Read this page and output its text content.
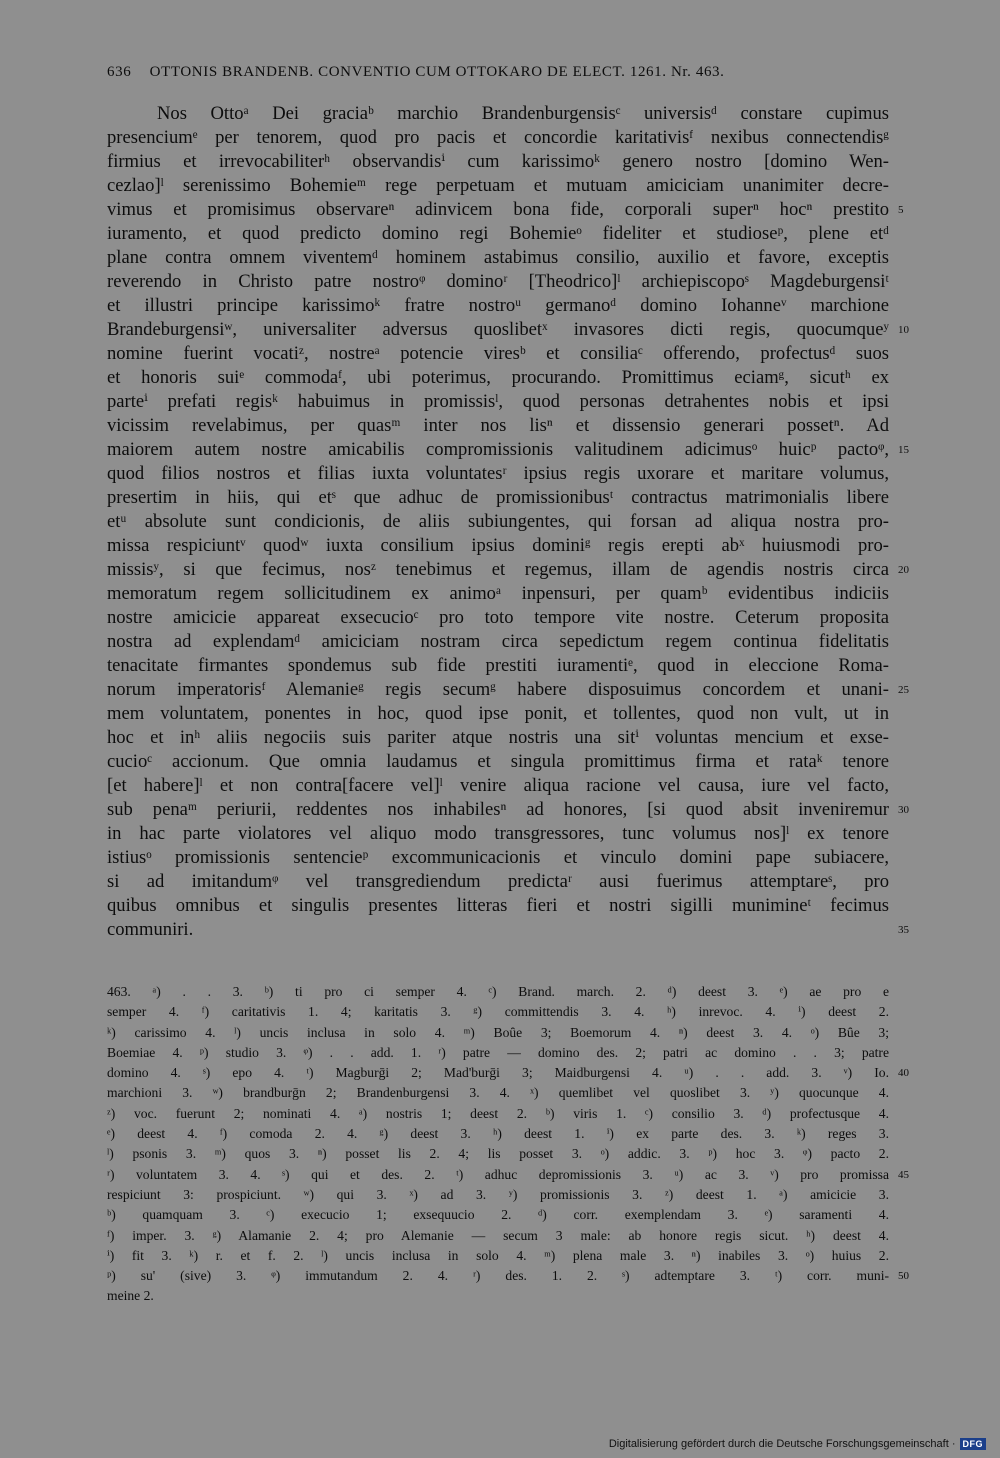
636 OTTONIS BRANDENB. CONVENTIO CUM OTTOKARO DE ELECT. 1261. Nr. 463.
Nos Ottoᵃ Dei graciaᵇ marchio Brandenburgensisᶜ universisᵈ constare cupimus
presenciumᵉ per tenorem, quod pro pacis et concordie karitativisᶠ nexibus connectendisᵍ
firmius et irrevocabiliterʰ observandisⁱ cum karissimoᵏ genero nostro [domino Wen-
cezlao]ˡ serenissimo Bohemieᵐ rege perpetuam et mutuam amiciciam unanimiter decre-
vimus et promisimus observareⁿ adinvicem bona fide, corporali superⁿ hocⁿ prestito
iuramento, et quod predicto domino regi Bohemieᵒ fideliter et studioseᵖ, plene etᵈ
plane contra omnem viventemᵈ hominem astabimus consilio, auxilio et favore, exceptis
reverendo in Christo patre nostroᵠ dominoʳ [Theodrico]ˡ archiepiscopoˢ Magdeburgensiᵗ
et illustri principe karissimoᵏ fratre nostroᵘ germanoᵈ domino Iohanneᵛ marchione
Brandeburgensiʷ, universaliter adversus quoslibetˣ invasores dicti regis, quocumqueʸ
nomine fuerint vocatiᶻ, nostreᵃ potencie viresᵇ et consiliaᶜ offerendo, profectusᵈ suos
et honoris suiᵉ commodaᶠ, ubi poterimus, procurando. Promittimus eciamᵍ, sicutʰ ex
parteⁱ prefati regisᵏ habuimus in promissisˡ, quod personas detrahentes nobis et ipsi
vicissim revelabimus, per quasᵐ inter nos lisⁿ et dissensio generari possetⁿ. Ad
maiorem autem nostre amicabilis compromissionis valitudinem adicimusᵒ huicᵖ pactoᵠ,
quod filios nostros et filias iuxta voluntatesʳ ipsius regis uxorare et maritare volumus,
presertim in hiis, qui etˢ que adhuc de promissionibusᵗ contractus matrimonialis libere
etᵘ absolute sunt condicionis, de aliis subiungentes, qui forsan ad aliqua nostra pro-
missa respiciuntᵛ quodʷ iuxta consilium ipsius dominiᵍ regis erepti abˣ huiusmodi pro-
missisʸ, si que fecimus, nosᶻ tenebimus et regemus, illam de agendis nostris circa
memoratum regem sollicitudinem ex animoᵃ inpensuri, per quamᵇ evidentibus indiciis
nostre amicicie appareat exsecucioᶜ pro toto tempore vite nostre. Ceterum proposita
nostra ad explendamᵈ amiciciam nostram circa sepedictum regem continua fidelitatis
tenacitate firmantes spondemus sub fide prestiti iuramentiᵉ, quod in eleccione Roma-
norum imperatorisᶠ Alemanieᵍ regis secumᵍ habere disposuimus concordem et unani-
mem voluntatem, ponentes in hoc, quod ipse ponit, et tollentes, quod non vult, ut in
hoc et inʰ aliis negociis suis pariter atque nostris una sitⁱ voluntas mencium et exse-
cucioᶜ accionum. Que omnia laudamus et singula promittimus firma et rataᵏ tenore
[et habere]ˡ et non contra[facere vel]ˡ venire aliqua racione vel causa, iure vel facto,
sub penaᵐ periurii, reddentes nos inhabilesⁿ ad honores, [si quod absit inveniremur
in hac parte violatores vel aliquo modo transgressores, tunc volumus nos]ˡ ex tenore
istiusᵒ promissionis sentencieᵖ excommunicacionis et vinculo domini pape subiacere,
si ad imitandumᵠ vel transgrediendum predictaʳ ausi fuerimus attemptareˢ, pro
quibus omnibus et singulis presentes litteras fieri et nostri sigilli munimineᵗ fecimus
communiri.
5
10
15
20
25
30
35
463. ᵃ) . . 3. ᵇ) ti pro ci semper 4. ᶜ) Brand. march. 2. ᵈ) deest 3. ᵉ) ae pro e
semper 4. ᶠ) caritativis 1. 4; karitatis 3. ᵍ) committendis 3. 4. ʰ) inrevoc. 4. ⁱ) deest 2.
ᵏ) carissimo 4. ˡ) uncis inclusa in solo 4. ᵐ) Boȗe 3; Boemorum 4. ⁿ) deest 3. 4. ᵒ) Bȗe 3;
Boemiae 4. ᵖ) studio 3. ᵠ) . . add. 1. ʳ) patre — domino des. 2; patri ac domino . . 3; patre
domino 4. ˢ) epo 4. ᵗ) Magburḡi 2; Mad'burḡi 3; Maidburgensi 4. ᵘ) . . add. 3. ᵛ) Io.
marchioni 3. ʷ) brandburḡn 2; Brandenburgensi 3. 4. ˣ) quemlibet vel quoslibet 3. ʸ) quocunque 4.
ᶻ) voc. fuerunt 2; nominati 4. ᵃ) nostris 1; deest 2. ᵇ) viris 1. ᶜ) consilio 3. ᵈ) profectusque 4.
ᵉ) deest 4. ᶠ) comoda 2. 4. ᵍ) deest 3. ʰ) deest 1. ⁱ) ex parte des. 3. ᵏ) reges 3.
ˡ) psonis 3. ᵐ) quos 3. ⁿ) posset lis 2. 4; lis posset 3. ᵒ) addic. 3. ᵖ) hoc 3. ᵠ) pacto 2.
ʳ) voluntatem 3. 4. ˢ) qui et des. 2. ᵗ) adhuc depromissionis 3. ᵘ) ac 3. ᵛ) pro promissa
respiciunt 3: prospiciunt. ʷ) qui 3. ˣ) ad 3. ʸ) promissionis 3. ᶻ) deest 1. ᵃ) amicicie 3.
ᵇ) quamquam 3. ᶜ) execucio 1; exsequucio 2. ᵈ) corr. exemplendam 3. ᵉ) saramenti 4.
ᶠ) imper. 3. ᵍ) Alamanie 2. 4; pro Alemanie — secum 3 male: ab honore regis sicut. ʰ) deest 4.
ⁱ) fit 3. ᵏ) r. et f. 2. ˡ) uncis inclusa in solo 4. ᵐ) plena male 3. ⁿ) inabiles 3. ᵒ) huius 2.
ᵖ) su' (sive) 3. ᵠ) immutandum 2. 4. ʳ) des. 1. 2. ˢ) adtemptare 3. ᵗ) corr. muni-
meine 2.
40
45
50
Digitalisierung gefördert durch die Deutsche Forschungsgemeinschaft · DFG
